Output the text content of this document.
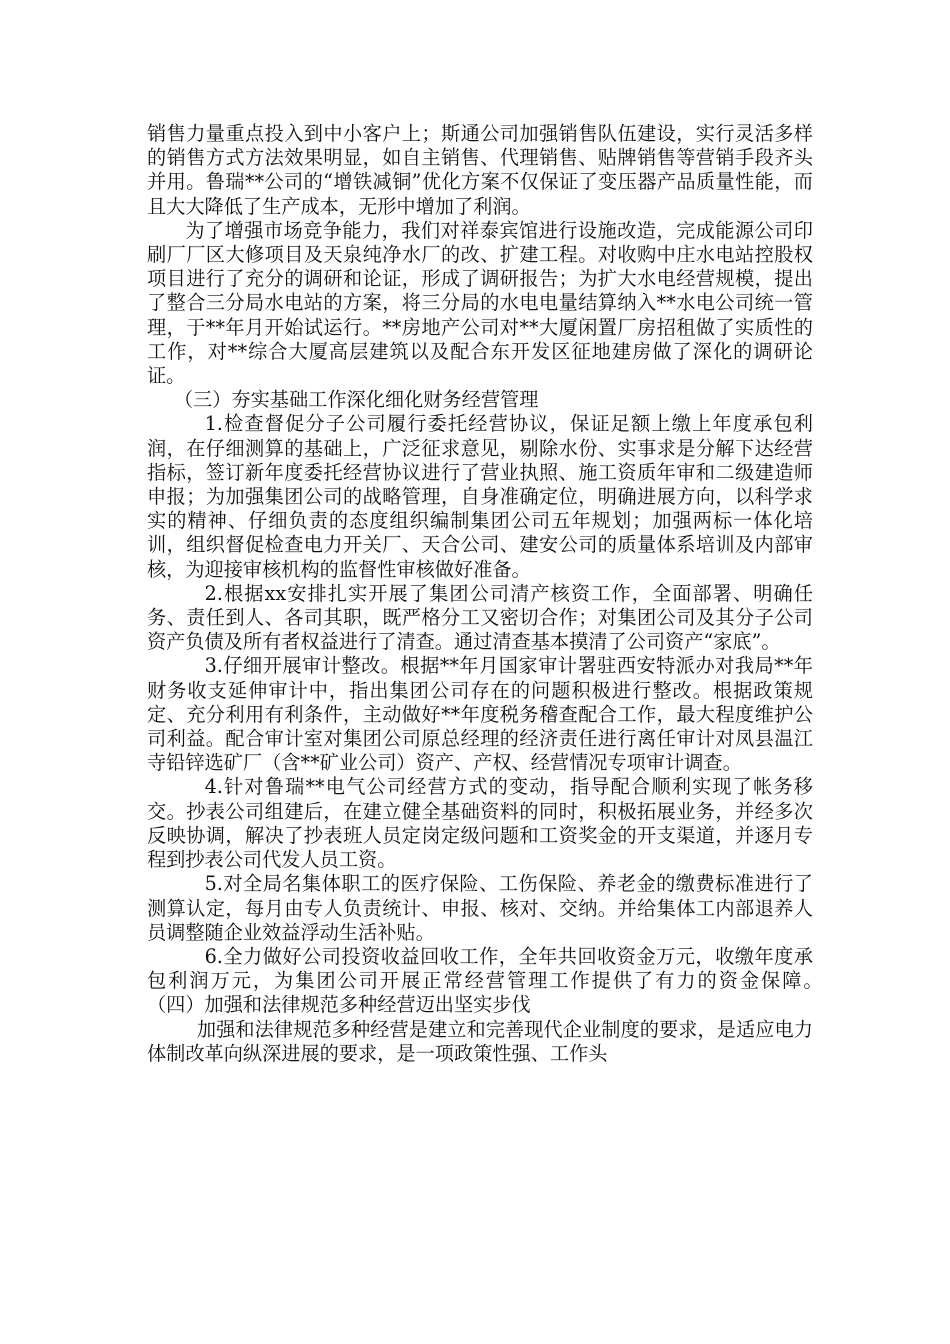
销售力量重点投入到中小客户上；斯通公司加强销售队伍建设，实行灵活多样的销售方式方法效果明显，如自主销售、代理销售、贴牌销售等营销手段齐头并用。鲁瑞**公司的“增铁减铜”优化方案不仅保证了变压器产品质量性能，而且大大降低了生产成本，无形中增加了利润。

为了增强市场竞争能力，我们对祥泰宾馆进行设施改造，完成能源公司印刷厂厂区大修项目及天泉纯净水厂的改、扩建工程。对收购中庄水电站控股权项目进行了充分的调研和论证，形成了调研报告；为扩大水电经营规模，提出了整合三分局水电站的方案，将三分局的水电电量结算纳入**水电公司统一管理，于**年月开始试运行。**房地产公司对**大厦闲置厂房招租做了实质性的工作，对**综合大厦高层建筑以及配合东开发区征地建房做了深化的调研论证。

（三）夯实基础工作深化细化财务经营管理

1.检查督促分子公司履行委托经营协议，保证足额上缴上年度承包利润，在仔细测算的基础上，广泛征求意见，剔除水份、实事求是分解下达经营指标，签订新年度委托经营协议进行了营业执照、施工资质年审和二级建造师申报；为加强集团公司的战略管理，自身准确定位，明确进展方向，以科学求实的精神、仔细负责的态度组织编制集团公司五年规划；加强两标一体化培训，组织督促检查电力开关厂、天合公司、建安公司的质量体系培训及内部审核，为迎接审核机构的监督性审核做好准备。

2.根据xx安排扎实开展了集团公司清产核资工作，全面部署、明确任务、责任到人、各司其职，既严格分工又密切合作；对集团公司及其分子公司资产负债及所有者权益进行了清查。通过清查基本摸清了公司资产“家底”。

3.仔细开展审计整改。根据**年月国家审计署驻西安特派办对我局**年财务收支延伸审计中，指出集团公司存在的问题积极进行整改。根据政策规定、充分利用有利条件，主动做好**年度税务稽查配合工作，最大程度维护公司利益。配合审计室对集团公司原总经理的经济责任进行离任审计对凤县温江寺铅锌选矿厂（含**矿业公司）资产、产权、经营情况专项审计调查。

4.针对鲁瑞**电气公司经营方式的变动，指导配合顺利实现了帐务移交。抄表公司组建后，在建立健全基础资料的同时，积极拓展业务，并经多次反映协调，解决了抄表班人员定岗定级问题和工资奖金的开支渠道，并逐月专程到抄表公司代发人员工资。

5.对全局名集体职工的医疗保险、工伤保险、养老金的缴费标准进行了测算认定，每月由专人负责统计、申报、核对、交纳。并给集体工内部退养人员调整随企业效益浮动生活补贴。

6.全力做好公司投资收益回收工作，全年共回收资金万元，收缴年度承包利润万元，为集团公司开展正常经营管理工作提供了有力的资金保障。　　　（四）加强和法律规范多种经营迈出坚实步伐

加强和法律规范多种经营是建立和完善现代企业制度的要求，是适应电力体制改革向纵深进展的要求，是一项政策性强、工作头
